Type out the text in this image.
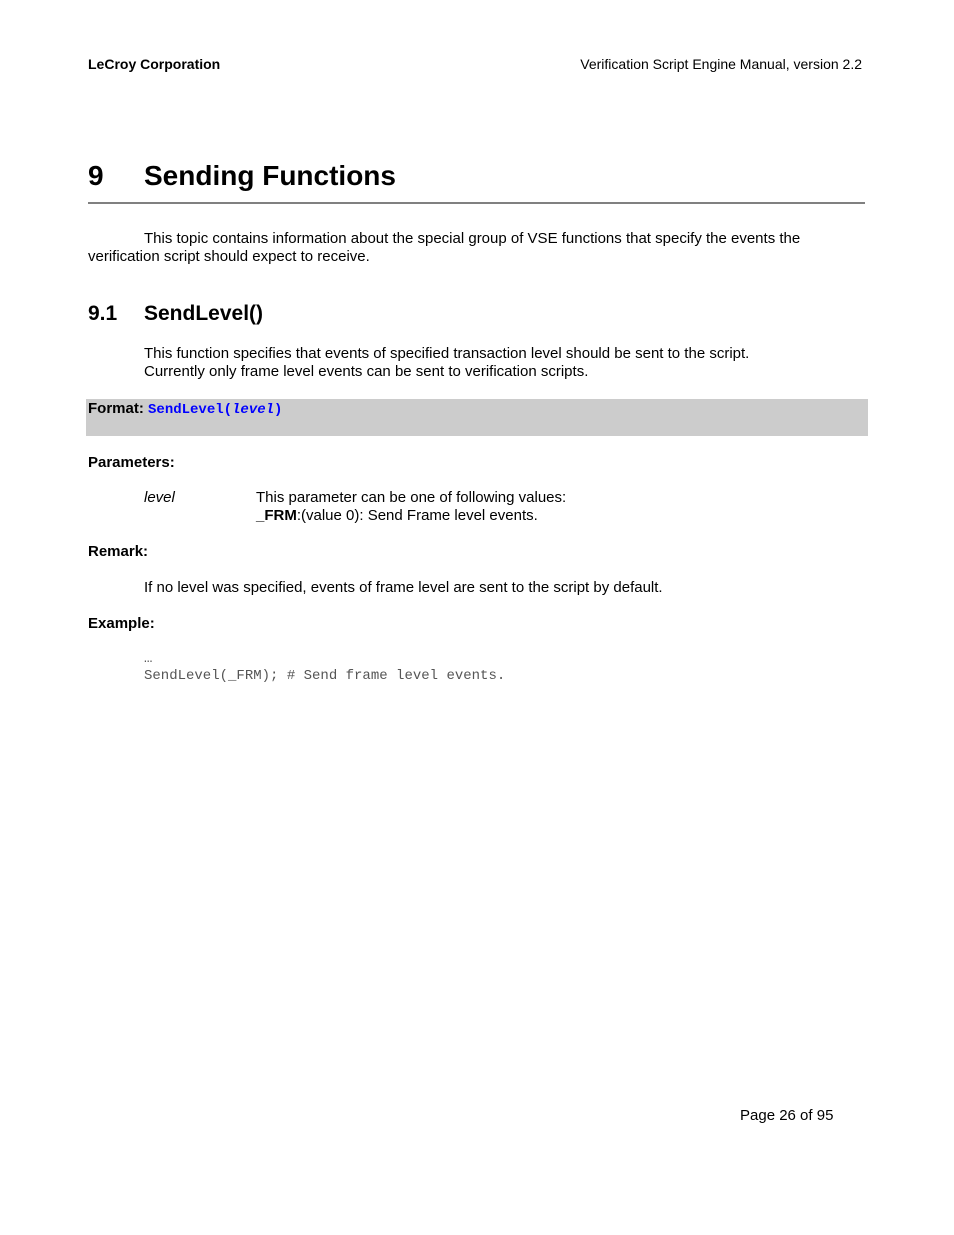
LeCroy Corporation	Verification Script Engine Manual, version 2.2
9 Sending Functions
This topic contains information about the special group of VSE functions that specify the events the verification script should expect to receive.
9.1 SendLevel()
This function specifies that events of specified transaction level should be sent to the script.
Currently only frame level events can be sent to verification scripts.
Format: SendLevel(level)
Parameters:
level	This parameter can be one of following values:
_FRM:(value 0): Send Frame level events.
Remark:
If no level was specified, events of frame level are sent to the script by default.
Example:
…
SendLevel(_FRM); # Send frame level events.
Page 26 of 95
